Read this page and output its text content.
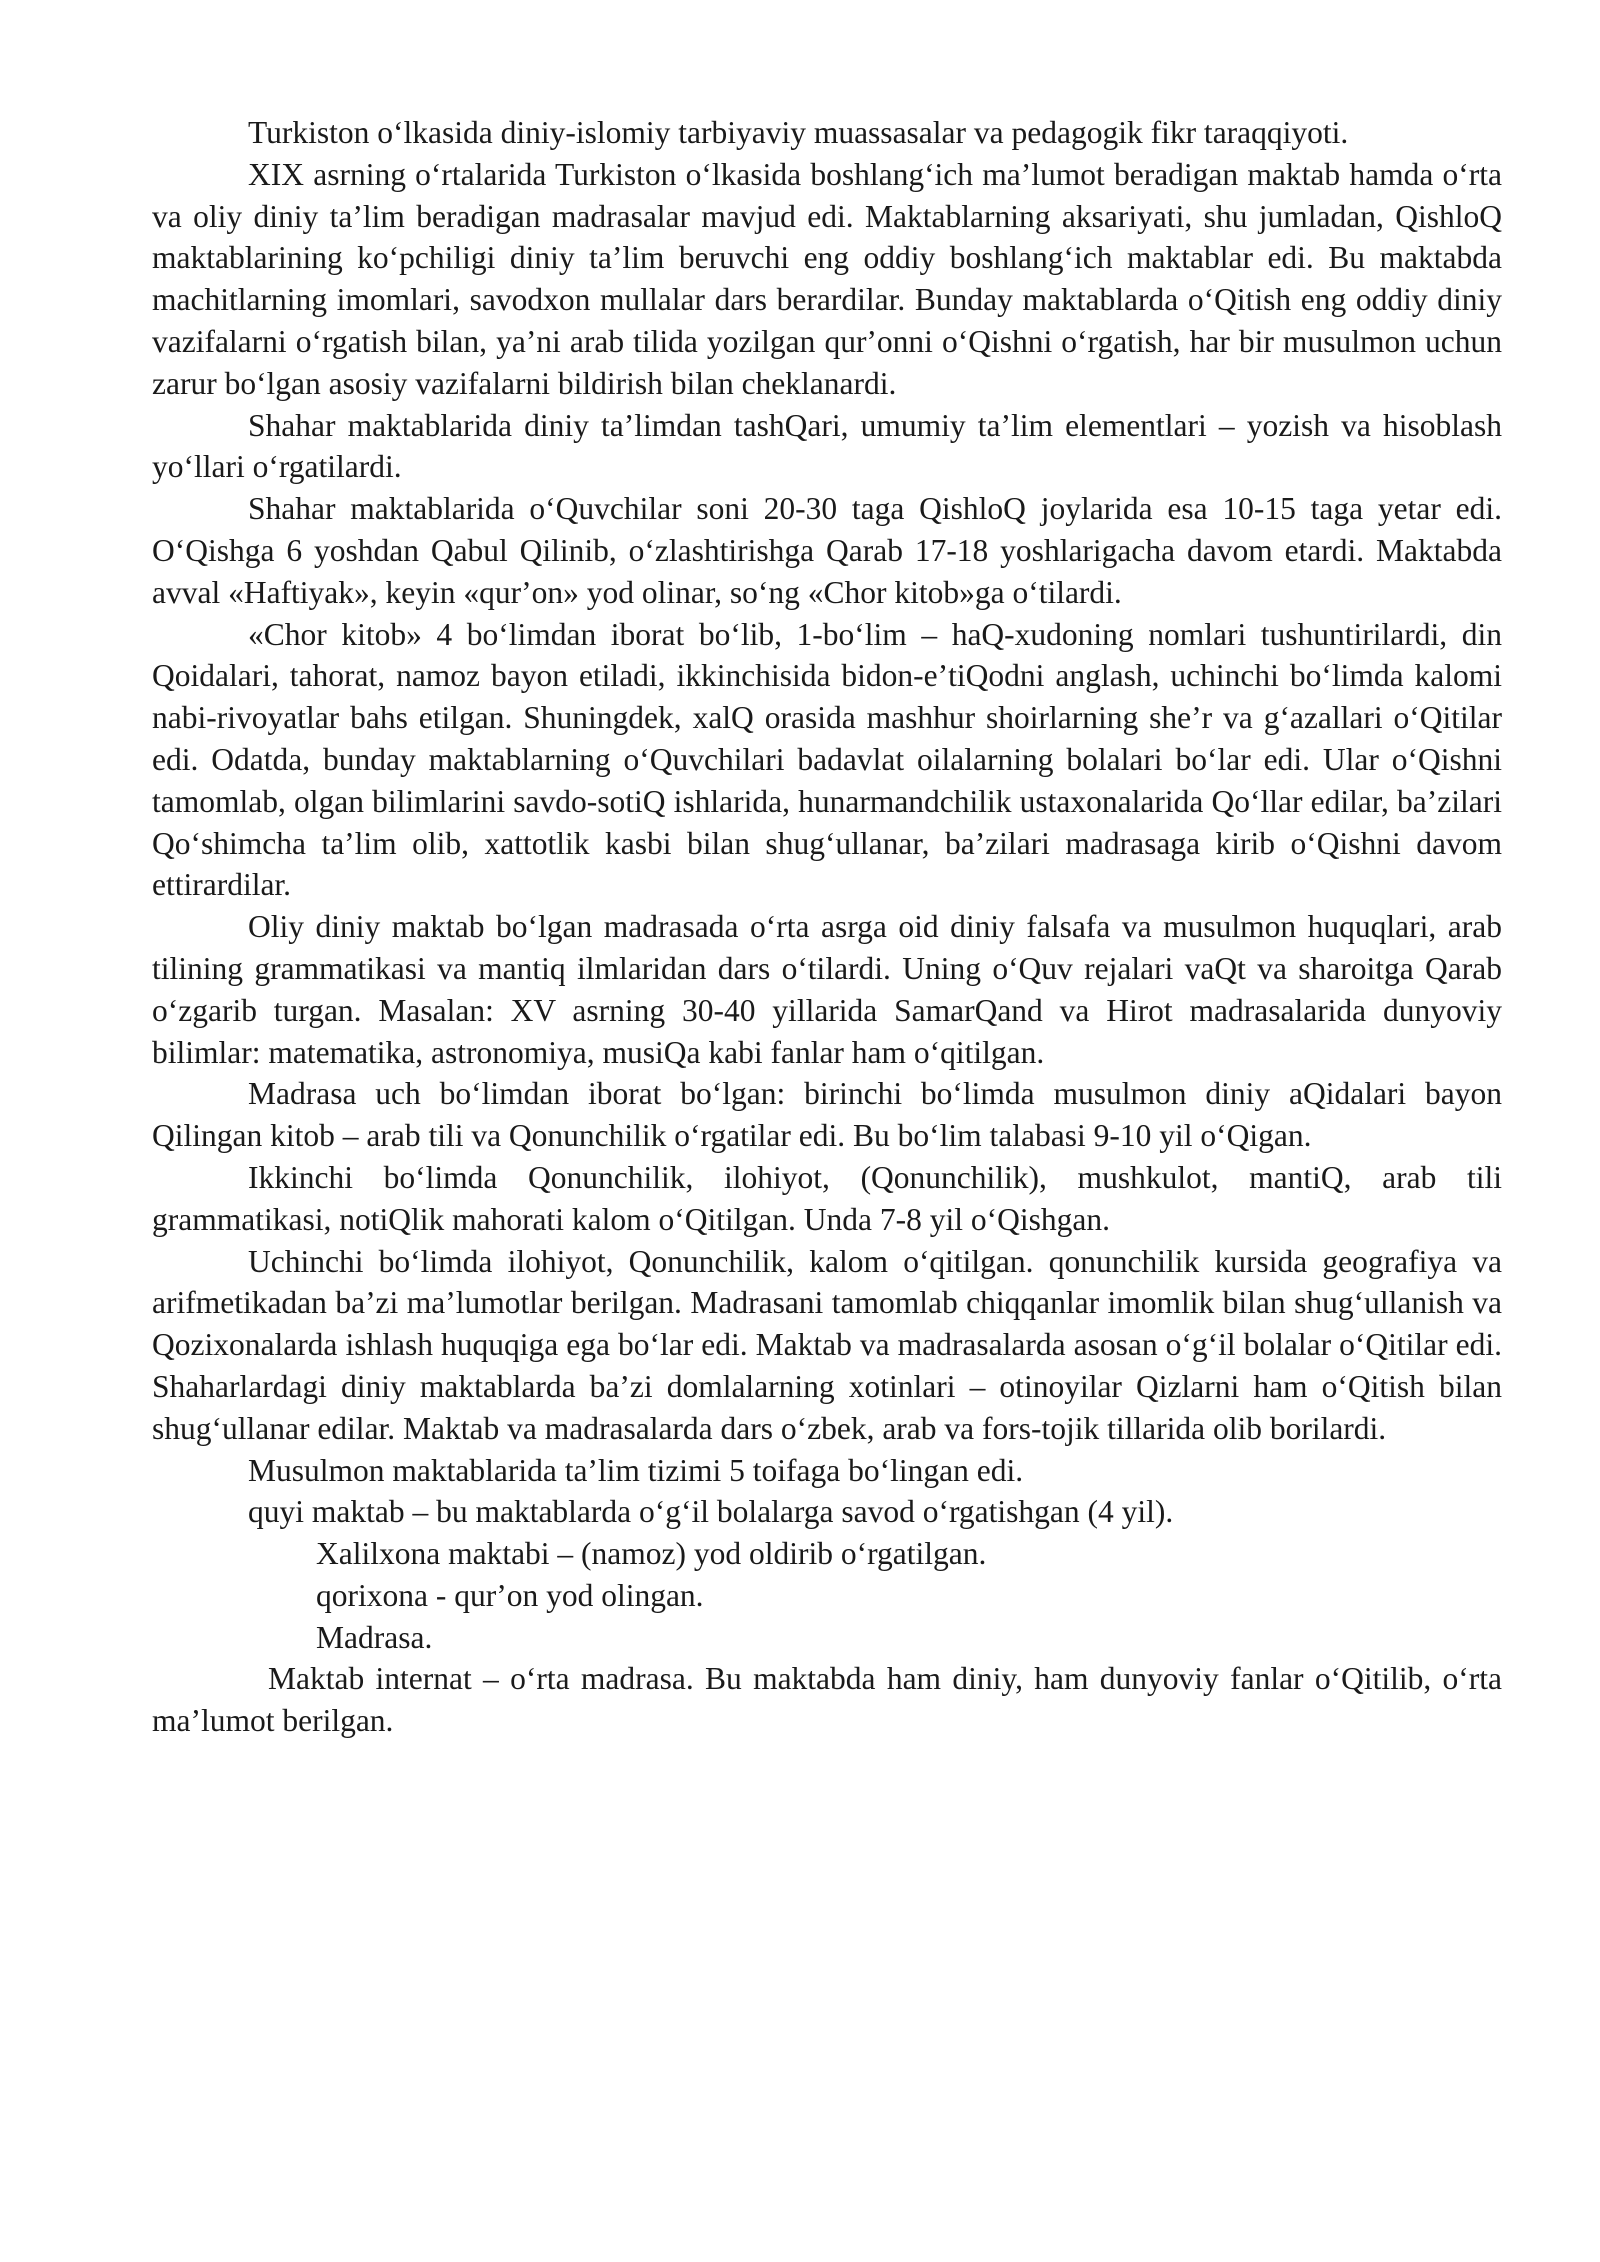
Turkiston oʻlkasida diniy-islomiy tarbiyaviy muassasalar va pedagogik fikr taraqqiyoti.

XIX asrning oʻrtalarida Turkiston oʻlkasida boshlangʻich maʼlumot beradigan maktab hamda oʻrta va oliy diniy taʼlim beradigan madrasalar mavjud edi. Maktablarning aksariyati, shu jumladan, QishloQ maktablarining koʻpchiligi diniy taʼlim beruvchi eng oddiy boshlangʻich maktablar edi. Bu maktabda machitlarning imomlari, savodxon mullalar dars berardilar. Bunday maktablarda oʻQitish eng oddiy diniy vazifalarni oʻrgatish bilan, yaʼni arab tilida yozilgan qurʼonni oʻQishni oʻrgatish, har bir musulmon uchun zarur boʻlgan asosiy vazifalarni bildirish bilan cheklanardi.

Shahar maktablarida diniy taʼlimdan tashQari, umumiy taʼlim elementlari – yozish va hisoblash yoʻllari oʻrgatilardi.

Shahar maktablarida oʻQuvchilar soni 20-30 taga QishloQ joylarida esa 10-15 taga yetar edi. OʻQishga 6 yoshdan Qabul Qilinib, oʻzlashtirishga Qarab 17-18 yoshlarigacha davom etardi. Maktabda avval «Haftiyak», keyin «qurʼon» yod olinar, soʻng «Chor kitob»ga oʻtilardi.

«Chor kitob» 4 boʻlimdan iborat boʻlib, 1-boʻlim – haQ-xudoning nomlari tushuntirilardi, din Qoidalari, tahorat, namoz bayon etiladi, ikkinchisida bidon-eʼtiQodni anglash, uchinchi boʻlimda kalomi nabi-rivoyatlar bahs etilgan. Shuningdek, xalQ orasida mashhur shoirlarning sheʼr va gʻazallari oʻQitilar edi. Odatda, bunday maktablarning oʻQuvchilari badavlat oilalarning bolalari boʻlar edi. Ular oʻQishni tamomlab, olgan bilimlarini savdo-sotiQ ishlarida, hunarmandchilik ustaxonalarida Qoʻllar edilar, baʼzilari Qoʻshimcha taʼlim olib, xattotlik kasbi bilan shugʻullanar, baʼzilari madrasaga kirib oʻQishni davom ettirardilar.

Oliy diniy maktab boʻlgan madrasada oʻrta asrga oid diniy falsafa va musulmon huquqlari, arab tilining grammatikasi va mantiq ilmlaridan dars oʻtilardi. Uning oʻQuv rejalari vaQt va sharoitga Qarab oʻzgarib turgan. Masalan: XV asrning 30-40 yillarida SamarQand va Hirot madrasalarida dunyoviy bilimlar: matematika, astronomiya, musiQa kabi fanlar ham oʻqitilgan.

Madrasa uch boʻlimdan iborat boʻlgan: birinchi boʻlimda musulmon diniy aQidalari bayon Qilingan kitob – arab tili va Qonunchilik oʻrgatilar edi. Bu boʻlim talabasi 9-10 yil oʻQigan.

Ikkinchi boʻlimda Qonunchilik, ilohiyot, (Qonunchilik), mushkulot, mantiQ, arab tili grammatikasi, notiQlik mahorati kalom oʻQitilgan. Unda 7-8 yil oʻQishgan.

Uchinchi boʻlimda ilohiyot, Qonunchilik, kalom oʻqitilgan. qonunchilik kursida geografiya va arifmetikadan baʼzi maʼlumotlar berilgan. Madrasani tamomlab chiqqanlar imomlik bilan shugʻullanish va Qozixonalarda ishlash huquqiga ega boʻlar edi. Maktab va madrasalarda asosan oʻgʻil bolalar oʻQitilar edi. Shaharlardagi diniy maktablarda baʼzi domlalarning xotinlari – otinoyilar Qizlarni ham oʻQitish bilan shugʻullanar edilar. Maktab va madrasalarda dars oʻzbek, arab va fors-tojik tillarida olib borilardi.

Musulmon maktablarida taʼlim tizimi 5 toifaga boʻlingan edi.

quyi maktab – bu maktablarda oʻgʻil bolalarga savod oʻrgatishgan (4 yil).

Xalilxona maktabi – (namoz) yod oldirib oʻrgatilgan.

qorixona - qurʼon yod olingan.

Madrasa.

Maktab internat – oʻrta madrasa. Bu maktabda ham diniy, ham dunyoviy fanlar oʻQitilib, oʻrta maʼlumot berilgan.
